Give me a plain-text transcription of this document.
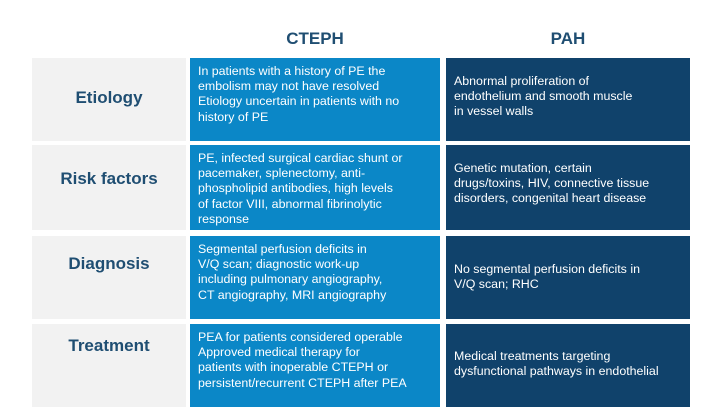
CTEPH	PAH
Etiology
In patients with a history of PE the
embolism may not have resolved
Etiology uncertain in patients with no
history of PE
Abnormal proliferation of
endothelium and smooth muscle
in vessel walls
Risk factors
PE, infected surgical cardiac shunt or
pacemaker, splenectomy, anti-
phospholipid antibodies, high levels
of factor VIII, abnormal fibrinolytic
response
Genetic mutation, certain
drugs/toxins, HIV, connective tissue
disorders, congenital heart disease
Diagnosis
Segmental perfusion deficits in
V/Q scan; diagnostic work-up
including pulmonary angiography,
CT angiography, MRI angiography
No segmental perfusion deficits in
V/Q scan; RHC
Treatment	PEA for patients considered operable
Approved medical therapy for
patients with inoperable CTEPH or
persistent/recurrent CTEPH after PEA
Medical treatments targeting
dysfunctional pathways in endothelial
